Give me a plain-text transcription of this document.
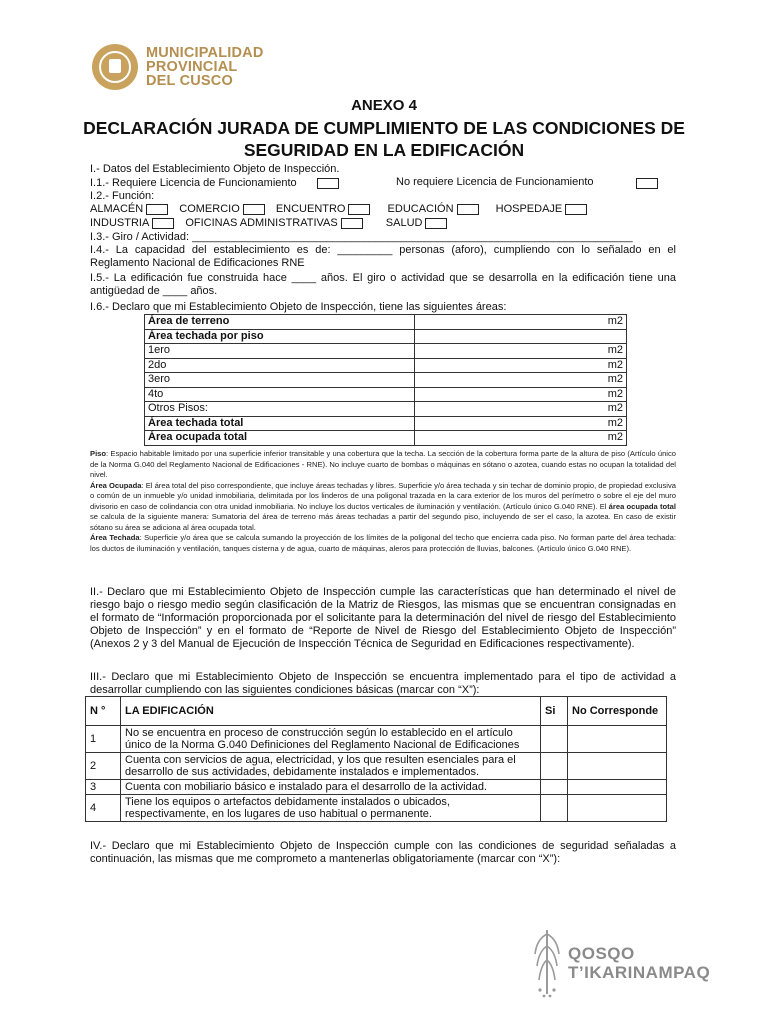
MUNICIPALIDAD
PROVINCIAL
DEL CUSCO
ANEXO 4
DECLARACIÓN JURADA DE CUMPLIMIENTO DE LAS CONDICIONES DE SEGURIDAD EN LA EDIFICACIÓN
I.- Datos del Establecimiento Objeto de Inspección.
I.1.- Requiere Licencia de Funcionamiento	No requiere Licencia de Funcionamiento
I.2.- Función:
ALMACÉN	COMERCIO	ENCUENTRO	EDUCACIÓN	HOSPEDAJE
INDUSTRIA	OFICINAS ADMINISTRATIVAS	SALUD
I.3.- Giro / Actividad: ________________________________________________________________________
I.4.- La capacidad del establecimiento es de: _________ personas (aforo), cumpliendo con lo señalado en el Reglamento Nacional de Edificaciones RNE
I.5.- La edificación fue construida hace ____ años. El giro o actividad que se desarrolla en la edificación tiene una antigüedad de ____ años.
I.6.- Declaro que mi Establecimiento Objeto de Inspección, tiene las siguientes áreas:
Área de terreno	m2
Área techada por piso	
1ero	m2
2do	m2
3ero	m2
4to	m2
Otros Pisos:	m2
Área techada total	m2
Área ocupada total	m2
Piso: Espacio habitable limitado por una superficie inferior transitable y una cobertura que la techa. La sección de la cobertura forma parte de la altura de piso (Artículo único de la Norma G.040 del Reglamento Nacional de Edificaciones - RNE). No incluye cuarto de bombas o máquinas en sótano o azotea, cuando estas no ocupan la totalidad del nivel.
Área Ocupada: El área total del piso correspondiente, que incluye áreas techadas y libres. Superficie y/o área techada y sin techar de dominio propio, de propiedad exclusiva o común de un inmueble y/o unidad inmobiliaria, delimitada por los linderos de una poligonal trazada en la cara exterior de los muros del perímetro o sobre el eje del muro divisorio en caso de colindancia con otra unidad inmobiliaria. No incluye los ductos verticales de iluminación y ventilación. (Artículo único G.040 RNE). El área ocupada total se calcula de la siguiente manera: Sumatoria del área de terreno más áreas techadas a partir del segundo piso, incluyendo de ser el caso, la azotea. En caso de existir sótano su área se adiciona al área ocupada total.
Área Techada: Superficie y/o área que se calcula sumando la proyección de los límites de la poligonal del techo que encierra cada piso. No forman parte del área techada: los ductos de iluminación y ventilación, tanques cisterna y de agua, cuarto de máquinas, aleros para protección de lluvias, balcones. (Artículo único G.040 RNE).
II.- Declaro que mi Establecimiento Objeto de Inspección cumple las características que han determinado el nivel de riesgo bajo o riesgo medio según clasificación de la Matriz de Riesgos, las mismas que se encuentran consignadas en el formato de “Información proporcionada por el solicitante para la determinación del nivel de riesgo del Establecimiento Objeto de Inspección” y en el formato de “Reporte de Nivel de Riesgo del Establecimiento Objeto de Inspección” (Anexos 2 y 3 del Manual de Ejecución de Inspección Técnica de Seguridad en Edificaciones respectivamente).
III.- Declaro que mi Establecimiento Objeto de Inspección se encuentra implementado para el tipo de actividad a desarrollar cumpliendo con las siguientes condiciones básicas (marcar con “X”):
N °	LA EDIFICACIÓN	Si	No Corresponde
1	No se encuentra en proceso de construcción según lo establecido en el artículo único de la Norma G.040 Definiciones del Reglamento Nacional de Edificaciones		
2	Cuenta con servicios de agua, electricidad, y los que resulten esenciales para el desarrollo de sus actividades, debidamente instalados e implementados.		
3	Cuenta con mobiliario básico e instalado para el desarrollo de la actividad.		
4	Tiene los equipos o artefactos debidamente instalados o ubicados, respectivamente, en los lugares de uso habitual o permanente.		
IV.- Declaro que mi Establecimiento Objeto de Inspección cumple con las condiciones de seguridad señaladas a continuación, las mismas que me comprometo a mantenerlas obligatoriamente (marcar con “X”):
QOSQO
T’IKARINAMPAQ
